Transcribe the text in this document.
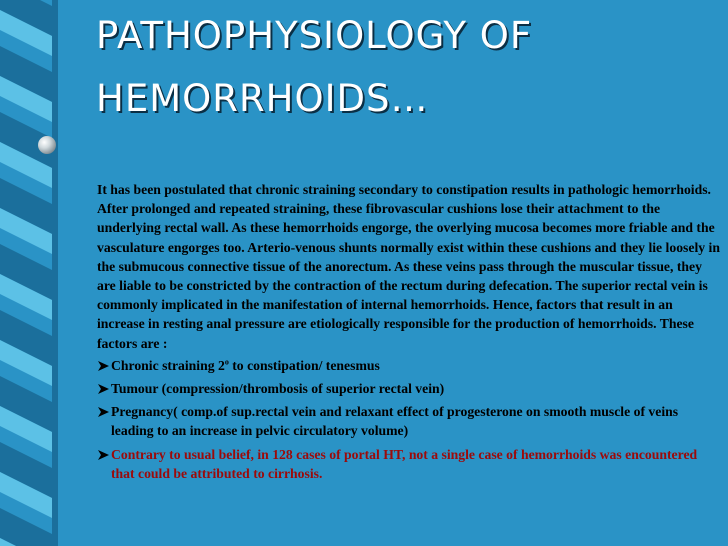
PATHOPHYSIOLOGY OF
HEMORRHOIDS…

It has been postulated that chronic straining secondary to constipation results in pathologic hemorrhoids. After prolonged and repeated straining, these fibrovascular cushions lose their attachment to the underlying rectal wall. As these hemorrhoids engorge, the overlying mucosa becomes more friable and the vasculature engorges too. Arterio-venous shunts normally exist within these cushions and they lie loosely in the submucous connective tissue of the anorectum. As these veins pass through the muscular tissue, they are liable to be constricted by the contraction of the rectum during defecation. The superior rectal vein is commonly implicated in the manifestation of internal hemorrhoids. Hence, factors that result in an increase in resting anal pressure are etiologically responsible for the production of hemorrhoids. These factors are :

Chronic straining 2$^o$ to constipation/ tenesmus
Tumour (compression/thrombosis of superior rectal vein)
Pregnancy( comp.of sup.rectal vein and relaxant effect of progesterone on smooth muscle of veins leading to an increase in pelvic circulatory volume)
Contrary to usual belief, in 128 cases of portal HT, not a single case of hemorrhoids was encountered that could be attributed to cirrhosis.
